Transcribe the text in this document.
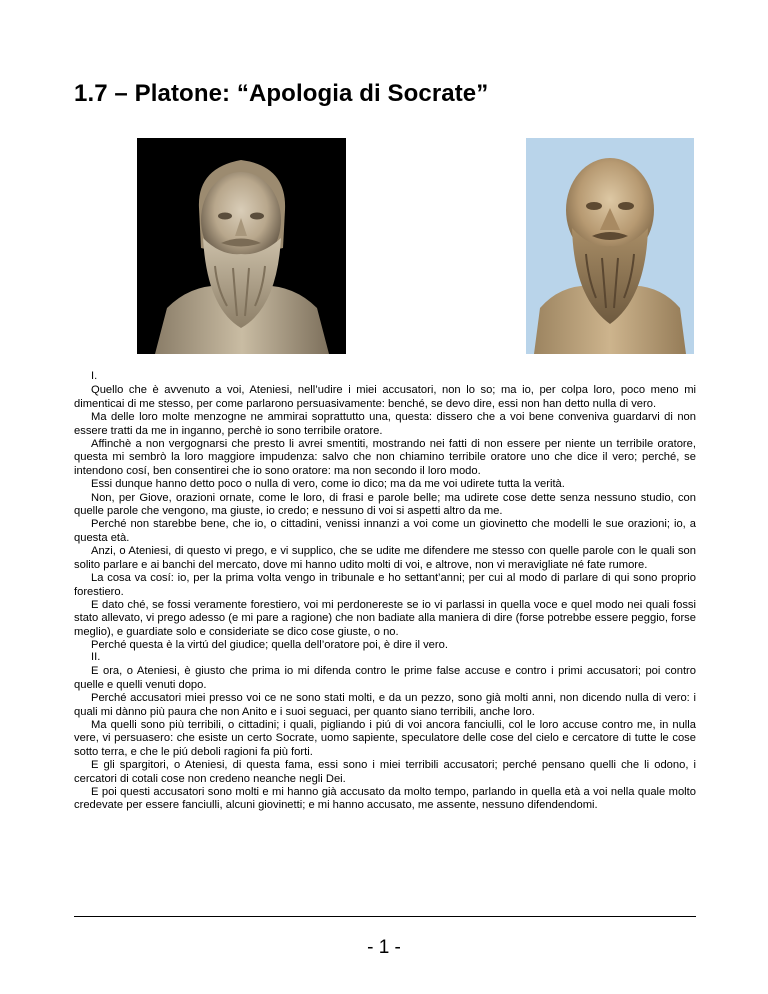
1.7 – Platone: “Apologia di Socrate”

I.

Quello che è avvenuto a voi, Ateniesi, nell’udire i miei accusatori, non lo so; ma io, per colpa loro, poco meno mi dimenticai di me stesso, per come parlarono persuasivamente: benché, se devo dire, essi non han detto nulla di vero.

Ma delle loro molte menzogne ne ammirai soprattutto una, questa: dissero che a voi bene conveniva guardarvi di non essere tratti da me in inganno, perchè io sono terribile oratore.

Affinchè a non vergognarsi che presto li avrei smentiti, mostrando nei fatti di non essere per niente un terribile oratore, questa mi sembrò la loro maggiore impudenza: salvo che non chiamino terribile oratore uno che dice il vero; perché, se intendono cosí, ben consentirei che io sono oratore: ma non secondo il loro modo.

Essi dunque hanno detto poco o nulla di vero, come io dico; ma da me voi udirete tutta la verità.

Non, per Giove, orazioni ornate, come le loro, di frasi e parole belle; ma udirete cose dette senza nessuno studio, con quelle parole che vengono, ma giuste, io credo; e nessuno di voi si aspetti altro da me.

Perché non starebbe bene, che io, o cittadini, venissi innanzi a voi come un giovinetto che modelli le sue orazioni; io, a questa età.

Anzi, o Ateniesi, di questo vi prego, e vi supplico, che se udite me difendere me stesso con quelle parole con le quali son solito parlare e ai banchi del mercato, dove mi hanno udito molti di voi, e altrove, non vi meravigliate né fate rumore.

La cosa va cosí: io, per la prima volta vengo in tribunale e ho settant’anni; per cui al modo di parlare di qui sono proprio forestiero.

E dato ché, se fossi veramente forestiero, voi mi perdonereste se io vi parlassi in quella voce e quel modo nei quali fossi stato allevato, vi prego adesso (e mi pare a ragione) che non badiate alla maniera di dire (forse potrebbe essere peggio, forse meglio), e guardiate solo e consideriate se dico cose giuste, o no.

Perché questa è la virtú del giudice; quella dell’oratore poi, è dire il vero.

II.

E ora, o Ateniesi, è giusto che prima io mi difenda contro le prime false accuse e contro i primi accusatori; poi contro quelle e quelli venuti dopo.

Perché accusatori miei presso voi ce ne sono stati molti, e da un pezzo, sono già molti anni, non dicendo nulla di vero: i quali mi dànno più paura che non Anito e i suoi seguaci, per quanto siano terribili, anche loro.

Ma quelli sono più terribili, o cittadini; i quali, pigliando i piú di voi ancora fanciulli, col le loro accuse contro me, in nulla vere, vi persuasero: che esiste un certo Socrate, uomo sapiente, speculatore delle cose del cielo e cercatore di tutte le cose sotto terra, e che le piú deboli ragioni fa più forti.

E gli spargitori, o Ateniesi, di questa fama, essi sono i miei terribili accusatori; perché pensano quelli che li odono, i cercatori di cotali cose non credeno neanche negli Dei.

E poi questi accusatori sono molti e mi hanno già accusato da molto tempo, parlando in quella età a voi nella quale molto credevate per essere fanciulli, alcuni giovinetti; e mi hanno accusato, me assente, nessuno difendendomi.

- 1 -
